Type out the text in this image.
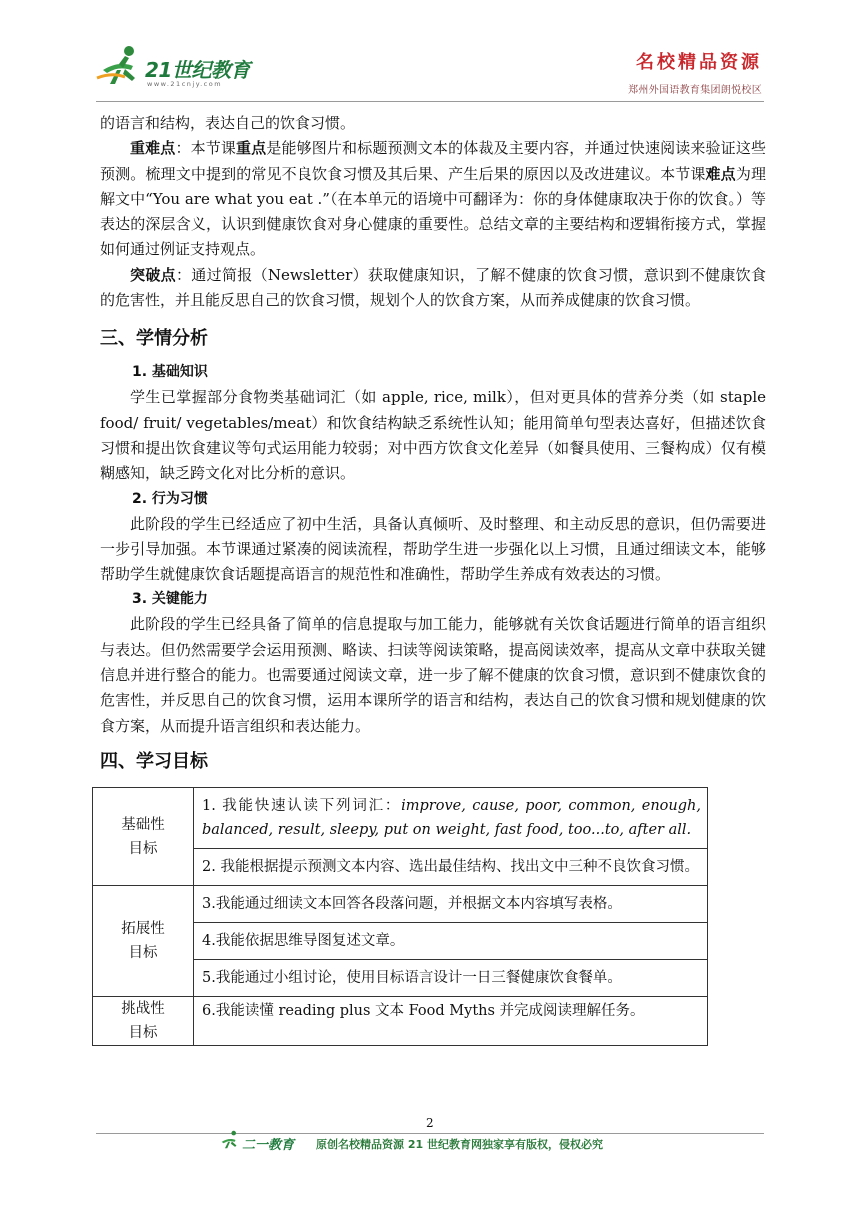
21世纪教育
www.21cnjy.com
名校精品资源
郑州外国语教育集团朗悦校区

的语言和结构，表达自己的饮食习惯。

重难点：本节课重点是能够图片和标题预测文本的体裁及主要内容，并通过快速阅读来验证这些预测。梳理文中提到的常见不良饮食习惯及其后果、产生后果的原因以及改进建议。本节课难点为理解文中“You are what you eat .”（在本单元的语境中可翻译为：你的身体健康取决于你的饮食。）等表达的深层含义，认识到健康饮食对身心健康的重要性。总结文章的主要结构和逻辑衔接方式，掌握如何通过例证支持观点。

突破点：通过简报（Newsletter）获取健康知识，了解不健康的饮食习惯，意识到不健康饮食的危害性，并且能反思自己的饮食习惯，规划个人的饮食方案，从而养成健康的饮食习惯。

三、学情分析

1. 基础知识

学生已掌握部分食物类基础词汇（如 apple, rice, milk），但对更具体的营养分类（如 staple food/ fruit/ vegetables/meat）和饮食结构缺乏系统性认知；能用简单句型表达喜好，但描述饮食习惯和提出饮食建议等句式运用能力较弱；对中西方饮食文化差异（如餐具使用、三餐构成）仅有模糊感知，缺乏跨文化对比分析的意识。

2. 行为习惯

此阶段的学生已经适应了初中生活，具备认真倾听、及时整理、和主动反思的意识，但仍需要进一步引导加强。本节课通过紧凑的阅读流程，帮助学生进一步强化以上习惯，且通过细读文本，能够帮助学生就健康饮食话题提高语言的规范性和准确性，帮助学生养成有效表达的习惯。

3. 关键能力

此阶段的学生已经具备了简单的信息提取与加工能力，能够就有关饮食话题进行简单的语言组织与表达。但仍然需要学会运用预测、略读、扫读等阅读策略，提高阅读效率，提高从文章中获取关键信息并进行整合的能力。也需要通过阅读文章，进一步了解不健康的饮食习惯，意识到不健康饮食的危害性，并反思自己的饮食习惯，运用本课所学的语言和结构，表达自己的饮食习惯和规划健康的饮食方案，从而提升语言组织和表达能力。

四、学习目标
基础性
目标	1. 我能快速认读下列词汇：improve, cause, poor, common, enough, balanced, result, sleepy, put on weight, fast food, too...to, after all.
	2. 我能根据提示预测文本内容、选出最佳结构、找出文中三种不良饮食习惯。
拓展性
目标	3.我能通过细读文本回答各段落问题，并根据文本内容填写表格。
	4.我能依据思维导图复述文章。
	5.我能通过小组讨论，使用目标语言设计一日三餐健康饮食餐单。
挑战性
目标	6.我能读懂 reading plus 文本 Food Myths 并完成阅读理解任务。
2
二一教育 原创名校精品资源 21 世纪教育网独家享有版权，侵权必究
